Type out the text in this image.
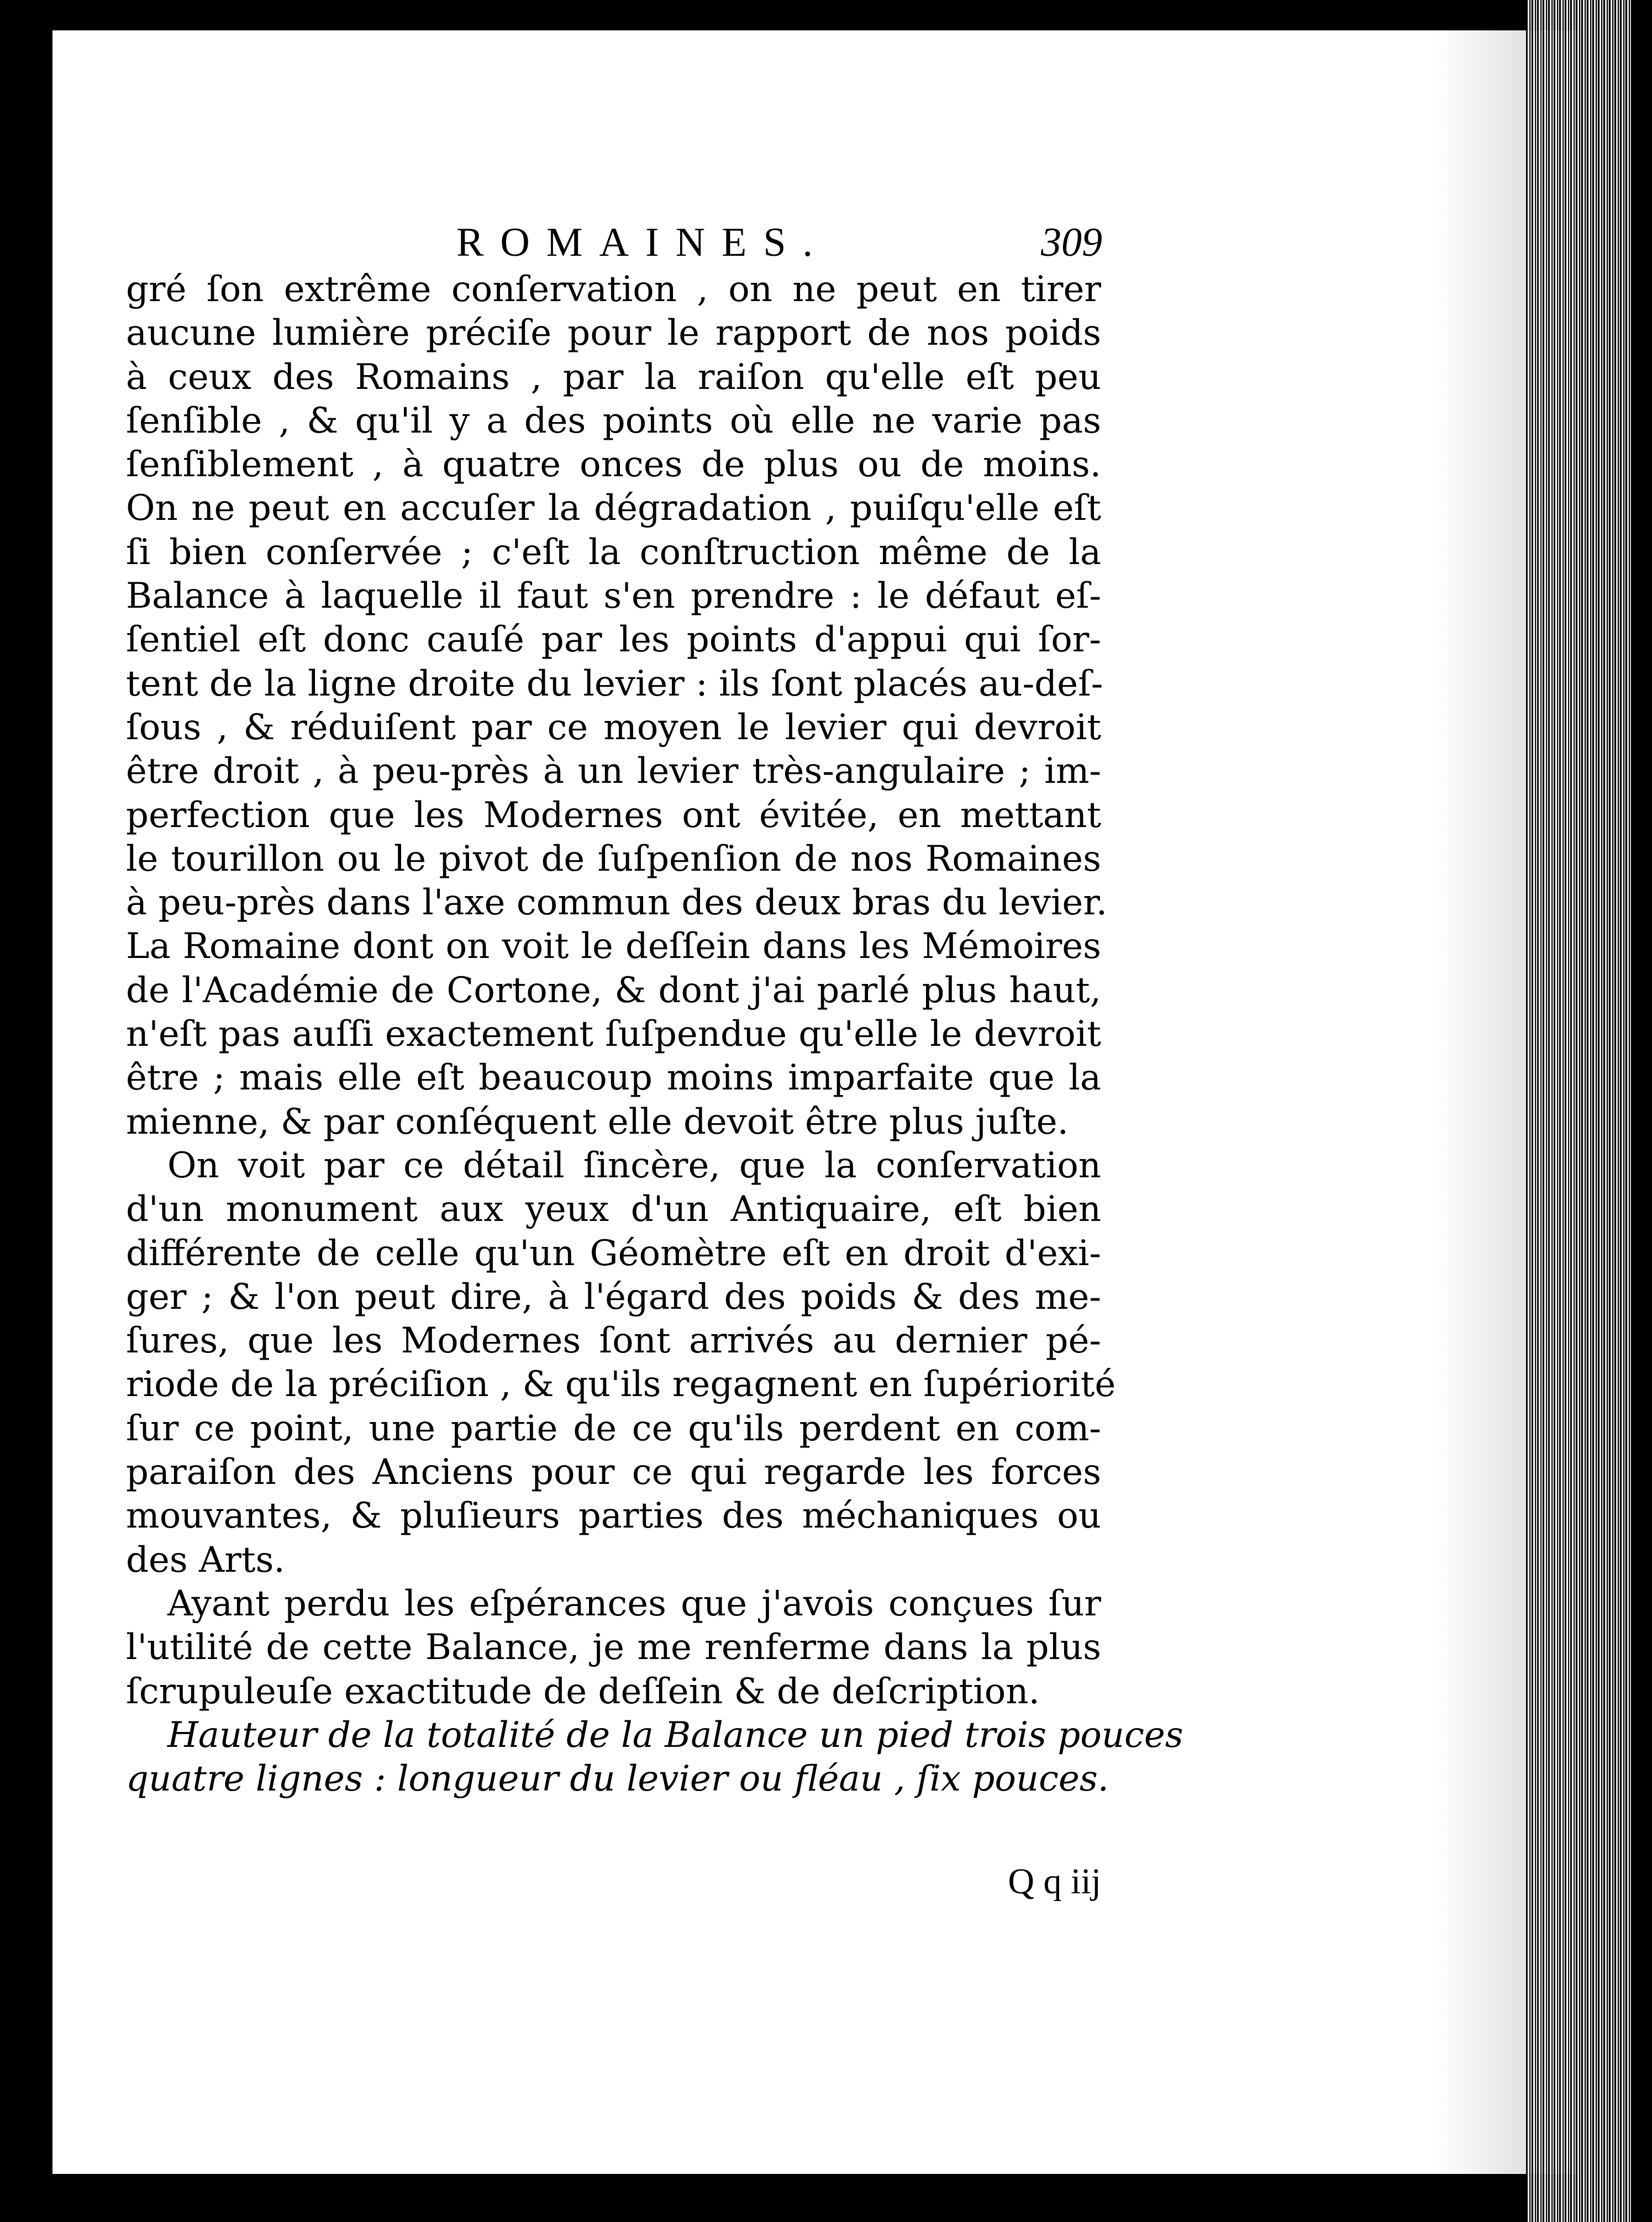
ROMAINES.	309
gré ſon extrême conſervation , on ne peut en tirer
aucune lumière préciſe pour le rapport de nos poids
à ceux des Romains , par la raiſon qu'elle eſt peu
ſenſible , & qu'il y a des points où elle ne varie pas
ſenſiblement , à quatre onces de plus ou de moins.
On ne peut en accuſer la dégradation , puiſqu'elle eſt
ſi bien conſervée ; c'eſt la conſtruction même de la
Balance à laquelle il faut s'en prendre : le défaut eſ-
ſentiel eſt donc cauſé par les points d'appui qui ſor-
tent de la ligne droite du levier : ils ſont placés au-deſ-
ſous , & réduiſent par ce moyen le levier qui devroit
être droit , à peu-près à un levier très-angulaire ; im-
perfection que les Modernes ont évitée, en mettant
le tourillon ou le pivot de ſuſpenſion de nos Romaines
à peu-près dans l'axe commun des deux bras du levier.
La Romaine dont on voit le deſſein dans les Mémoires
de l'Académie de Cortone, & dont j'ai parlé plus haut,
n'eſt pas auſſi exactement ſuſpendue qu'elle le devroit
être ; mais elle eſt beaucoup moins imparfaite que la
mienne, & par conſéquent elle devoit être plus juſte.
On voit par ce détail ſincère, que la conſervation
d'un monument aux yeux d'un Antiquaire, eſt bien
différente de celle qu'un Géomètre eſt en droit d'exi-
ger ; & l'on peut dire, à l'égard des poids & des me-
ſures, que les Modernes ſont arrivés au dernier pé-
riode de la préciſion , & qu'ils regagnent en ſupériorité
ſur ce point, une partie de ce qu'ils perdent en com-
paraiſon des Anciens pour ce qui regarde les forces
mouvantes, & pluſieurs parties des méchaniques ou
des Arts.
Ayant perdu les eſpérances que j'avois conçues ſur
l'utilité de cette Balance, je me renferme dans la plus
ſcrupuleuſe exactitude de deſſein & de deſcription.
Hauteur de la totalité de la Balance un pied trois pouces
quatre lignes : longueur du levier ou fléau , ſix pouces.
Q q iij
